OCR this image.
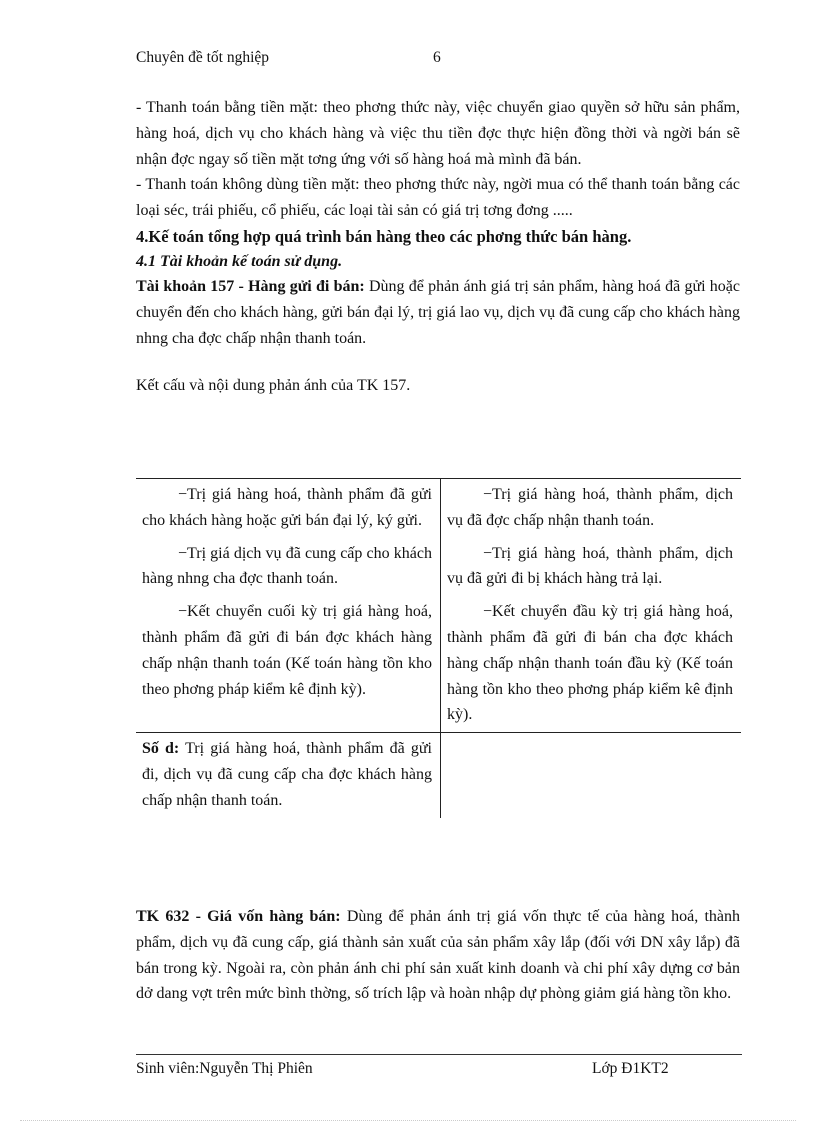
Chuyên đề tốt nghiệp	6

- Thanh toán bằng tiền mặt: theo phơng thức này, việc chuyển giao quyền sở hữu sản phẩm, hàng hoá, dịch vụ cho khách hàng và việc thu tiền đợc thực hiện đồng thời và ngời bán sẽ nhận đợc ngay số tiền mặt tơng ứng với số hàng hoá mà mình đã bán.

- Thanh toán không dùng tiền mặt: theo phơng thức này, ngời mua có thể thanh toán bằng các loại séc, trái phiếu, cổ phiếu, các loại tài sản có giá trị tơng đơng .....

4.Kế toán tổng hợp quá trình bán hàng theo các phơng thức bán hàng.

4.1 Tài khoản kế toán sử dụng.

Tài khoản 157 - Hàng gửi đi bán: Dùng để phản ánh giá trị sản phẩm, hàng hoá đã gửi hoặc chuyển đến cho khách hàng, gửi bán đại lý, trị giá lao vụ, dịch vụ đã cung cấp cho khách hàng nhng cha đợc chấp nhận thanh toán.

Kết cấu và nội dung phản ánh của TK 157.

−Trị giá hàng hoá, thành phẩm đã gửi cho khách hàng hoặc gửi bán đại lý, ký gửi.	−Trị giá hàng hoá, thành phẩm, dịch vụ đã đợc chấp nhận thanh toán.

−Trị giá dịch vụ đã cung cấp cho khách hàng nhng cha đợc thanh toán.	−Trị giá hàng hoá, thành phẩm, dịch vụ đã gửi đi bị khách hàng trả lại.

−Kết chuyển cuối kỳ trị giá hàng hoá, thành phẩm đã gửi đi bán đợc khách hàng chấp nhận thanh toán (Kế toán hàng tồn kho theo phơng pháp kiểm kê định kỳ).	−Kết chuyển đầu kỳ trị giá hàng hoá, thành phẩm đã gửi đi bán cha đợc khách hàng chấp nhận thanh toán đầu kỳ (Kế toán hàng tồn kho theo phơng pháp kiểm kê định kỳ).

Số d: Trị giá hàng hoá, thành phẩm đã gửi đi, dịch vụ đã cung cấp cha đợc khách hàng chấp nhận thanh toán.	

TK 632 - Giá vốn hàng bán: Dùng để phản ánh trị giá vốn thực tế của hàng hoá, thành phẩm, dịch vụ đã cung cấp, giá thành sản xuất của sản phẩm xây lắp (đối với DN xây lắp) đã bán trong kỳ. Ngoài ra, còn phản ánh chi phí sản xuất kinh doanh và chi phí xây dựng cơ bản dở dang vợt trên mức bình thờng, số trích lập và hoàn nhập dự phòng giảm giá hàng tồn kho.

Sinh viên:Nguyễn Thị Phiên	Lớp Đ1KT2
